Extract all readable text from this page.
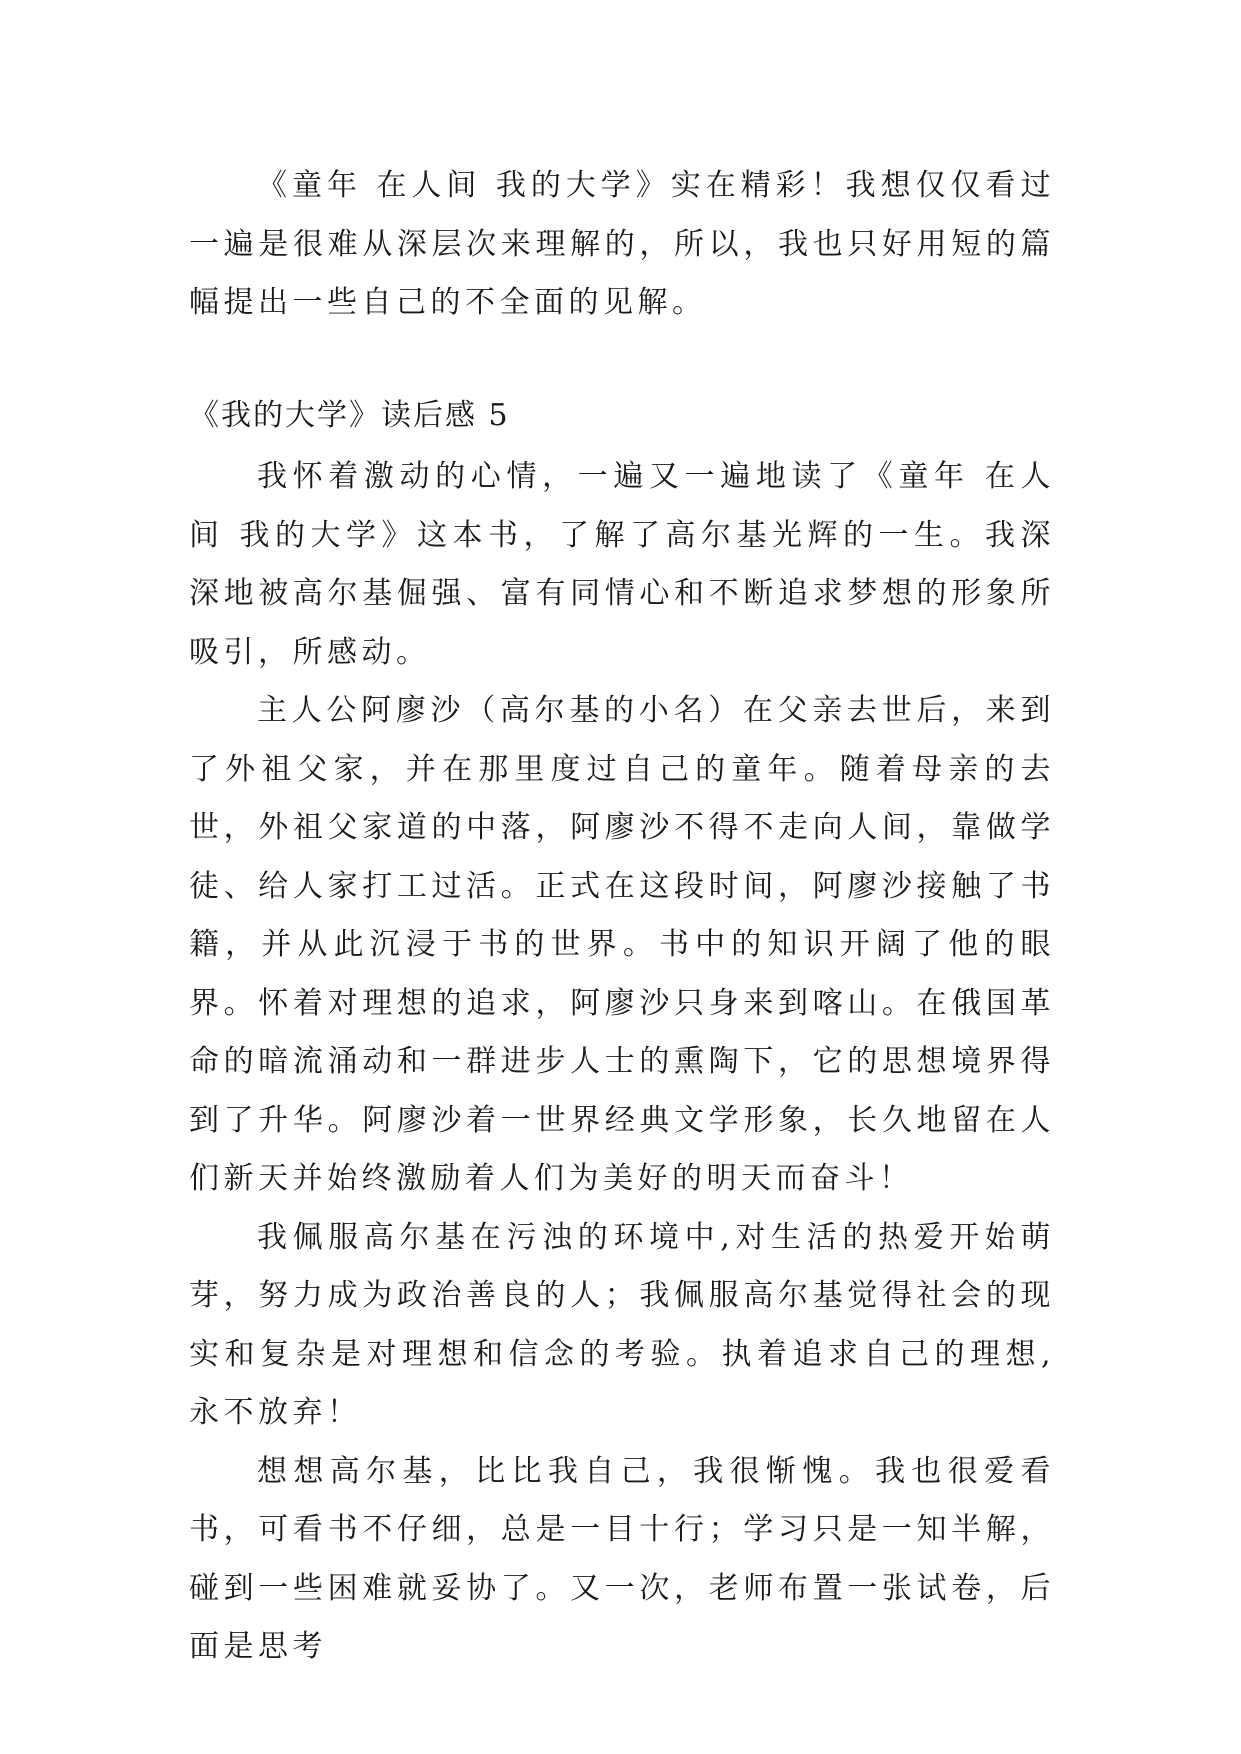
《童年 在人间 我的大学》实在精彩！我想仅仅看过一遍是很难从深层次来理解的，所以，我也只好用短的篇幅提出一些自己的不全面的见解。

《我的大学》读后感 5

我怀着激动的心情，一遍又一遍地读了《童年 在人间 我的大学》这本书，了解了高尔基光辉的一生。我深深地被高尔基倔强、富有同情心和不断追求梦想的形象所吸引，所感动。

主人公阿廖沙（高尔基的小名）在父亲去世后，来到了外祖父家，并在那里度过自己的童年。随着母亲的去世，外祖父家道的中落，阿廖沙不得不走向人间，靠做学徒、给人家打工过活。正式在这段时间，阿廖沙接触了书籍，并从此沉浸于书的世界。书中的知识开阔了他的眼界。怀着对理想的追求，阿廖沙只身来到喀山。在俄国革命的暗流涌动和一群进步人士的熏陶下，它的思想境界得到了升华。阿廖沙着一世界经典文学形象，长久地留在人们新天并始终激励着人们为美好的明天而奋斗！

我佩服高尔基在污浊的环境中,对生活的热爱开始萌芽，努力成为政治善良的人；我佩服高尔基觉得社会的现实和复杂是对理想和信念的考验。执着追求自己的理想,永不放弃！

想想高尔基，比比我自己，我很惭愧。我也很爱看书，可看书不仔细，总是一目十行；学习只是一知半解，碰到一些困难就妥协了。又一次，老师布置一张试卷，后面是思考
